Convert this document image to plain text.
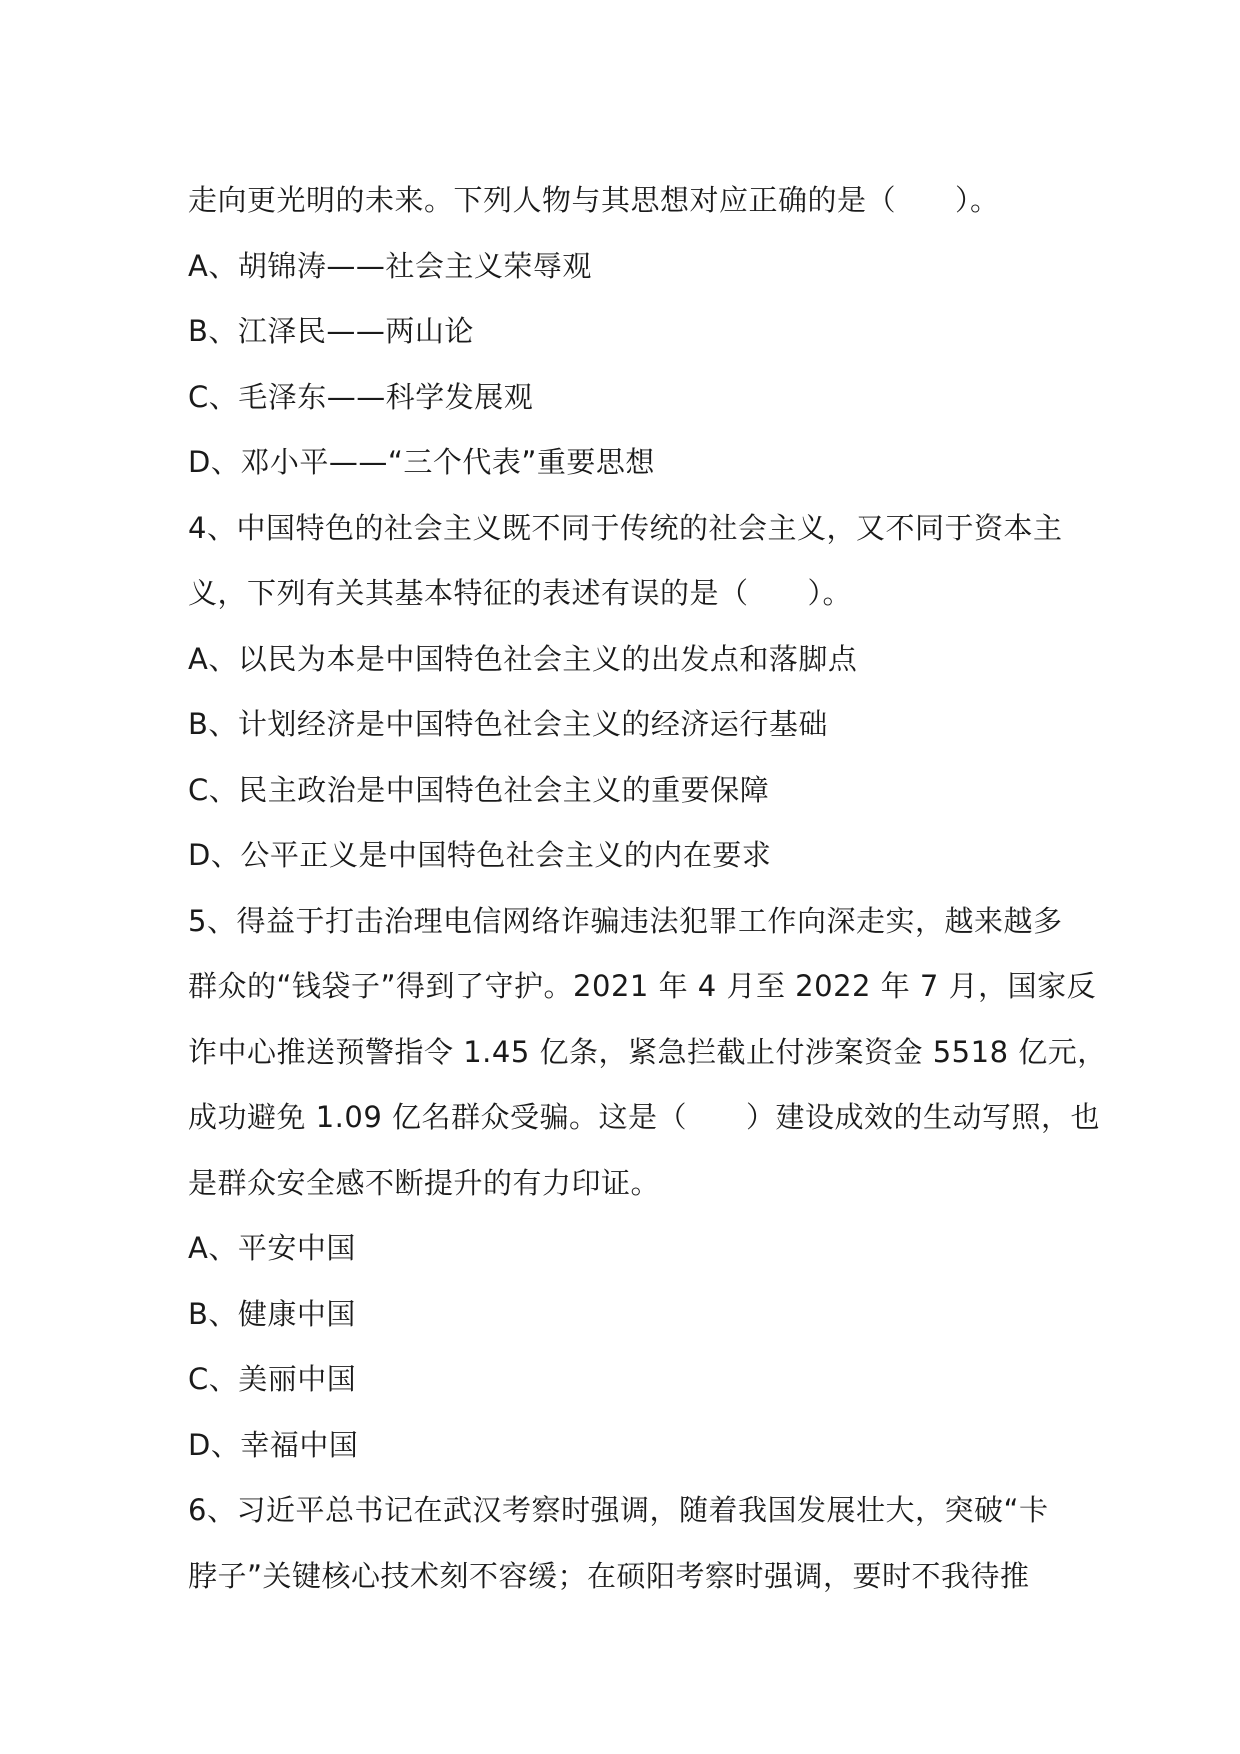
走向更光明的未来。下列人物与其思想对应正确的是（　　）。
A、胡锦涛——社会主义荣辱观
B、江泽民——两山论
C、毛泽东——科学发展观
D、邓小平——“三个代表”重要思想
4、中国特色的社会主义既不同于传统的社会主义，又不同于资本主
义，下列有关其基本特征的表述有误的是（　　）。
A、以民为本是中国特色社会主义的出发点和落脚点
B、计划经济是中国特色社会主义的经济运行基础
C、民主政治是中国特色社会主义的重要保障
D、公平正义是中国特色社会主义的内在要求
5、得益于打击治理电信网络诈骗违法犯罪工作向深走实，越来越多
群众的“钱袋子”得到了守护。2021 年 4 月至 2022 年 7 月，国家反
诈中心推送预警指令 1.45 亿条，紧急拦截止付涉案资金 5518 亿元，
成功避免 1.09 亿名群众受骗。这是（　　）建设成效的生动写照，也
是群众安全感不断提升的有力印证。
A、平安中国
B、健康中国
C、美丽中国
D、幸福中国
6、习近平总书记在武汉考察时强调，随着我国发展壮大，突破“卡
脖子”关键核心技术刻不容缓；在硕阳考察时强调，要时不我待推
